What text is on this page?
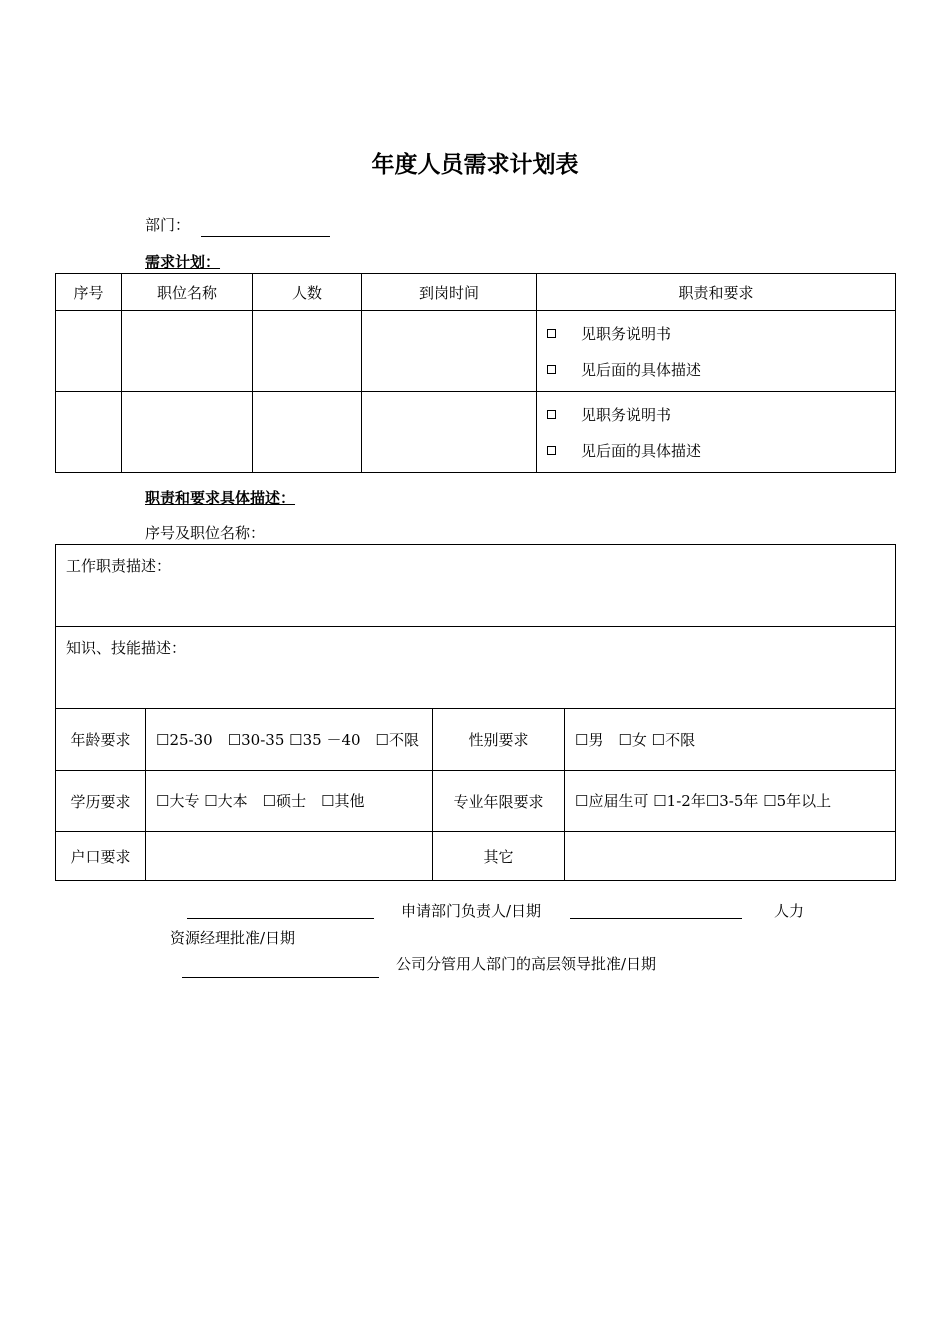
年度人员需求计划表
部门：
需求计划：
序号	职位名称	人数	到岗时间	职责和要求

				见职务说明书
见后面的具体描述

				见职务说明书
见后面的具体描述
职责和要求具体描述：
序号及职位名称：
工作职责描述：			
知识、技能描述：			
年龄要求	☐25-30　☐30-35 ☐35 －40　☐不限	性别要求	☐男　☐女 ☐不限
学历要求	☐大专 ☐大本　☐硕士　☐其他	专业年限要求	☐应届生可 ☐1-2年☐3-5年 ☐5年以上
户口要求		其它	
申请部门负责人/日期	人力
资源经理批准/日期
公司分管用人部门的高层领导批准/日期
